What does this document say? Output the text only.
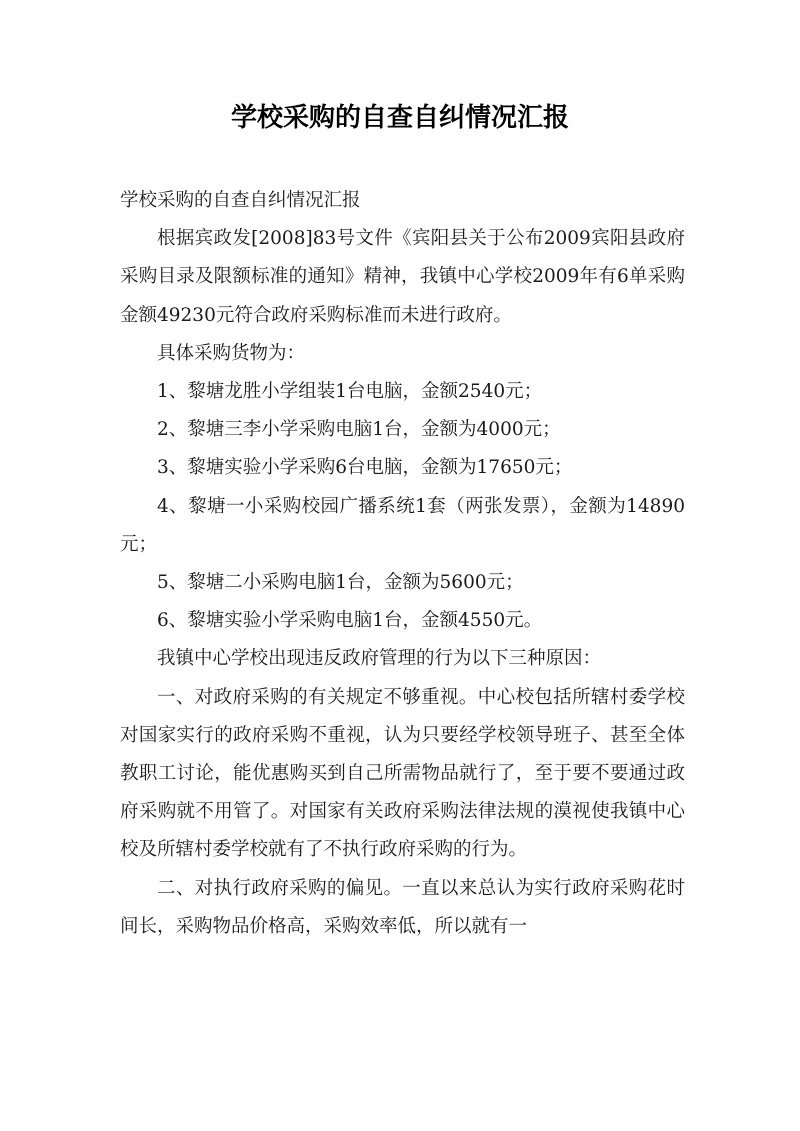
学校采购的自查自纠情况汇报

学校采购的自查自纠情况汇报

根据宾政发[2008]83号文件《宾阳县关于公布2009宾阳县政府采购目录及限额标准的通知》精神，我镇中心学校2009年有6单采购金额49230元符合政府采购标准而未进行政府。

具体采购货物为：

1、黎塘龙胜小学组装1台电脑，金额2540元；

2、黎塘三李小学采购电脑1台，金额为4000元；

3、黎塘实验小学采购6台电脑，金额为17650元；

4、黎塘一小采购校园广播系统1套（两张发票），金额为14890元；

5、黎塘二小采购电脑1台，金额为5600元；

6、黎塘实验小学采购电脑1台，金额4550元。

我镇中心学校出现违反政府管理的行为以下三种原因：

一、对政府采购的有关规定不够重视。中心校包括所辖村委学校对国家实行的政府采购不重视，认为只要经学校领导班子、甚至全体教职工讨论，能优惠购买到自己所需物品就行了，至于要不要通过政府采购就不用管了。对国家有关政府采购法律法规的漠视使我镇中心校及所辖村委学校就有了不执行政府采购的行为。

二、对执行政府采购的偏见。一直以来总认为实行政府采购花时间长，采购物品价格高，采购效率低，所以就有一
